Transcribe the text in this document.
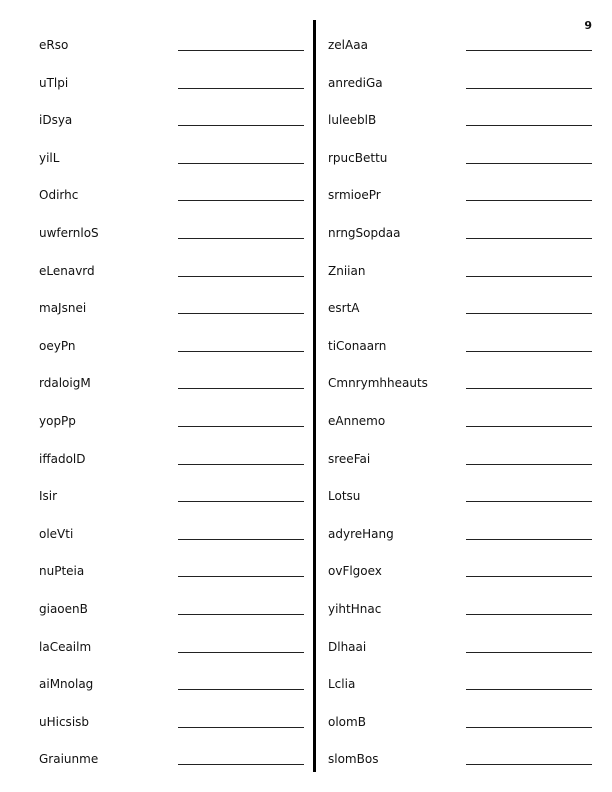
9
eRso
uTlpi
iDsya
yilL
Odirhc
uwfernloS
eLenavrd
maJsnei
oeyPn
rdaloigM
yopPp
iffadolD
Isir
oleVti
nuPteia
giaoenB
laCeailm
aiMnolag
uHicsisb
Graiunme
zelAaa
anrediGa
luleeblB
rpucBettu
srmioePr
nrngSopdaa
Zniian
esrtA
tiConaarn
Cmnrymhheauts
eAnnemo
sreeFai
Lotsu
adyreHang
ovFlgoex
yihtHnac
Dlhaai
Lclia
olomB
slomBos
